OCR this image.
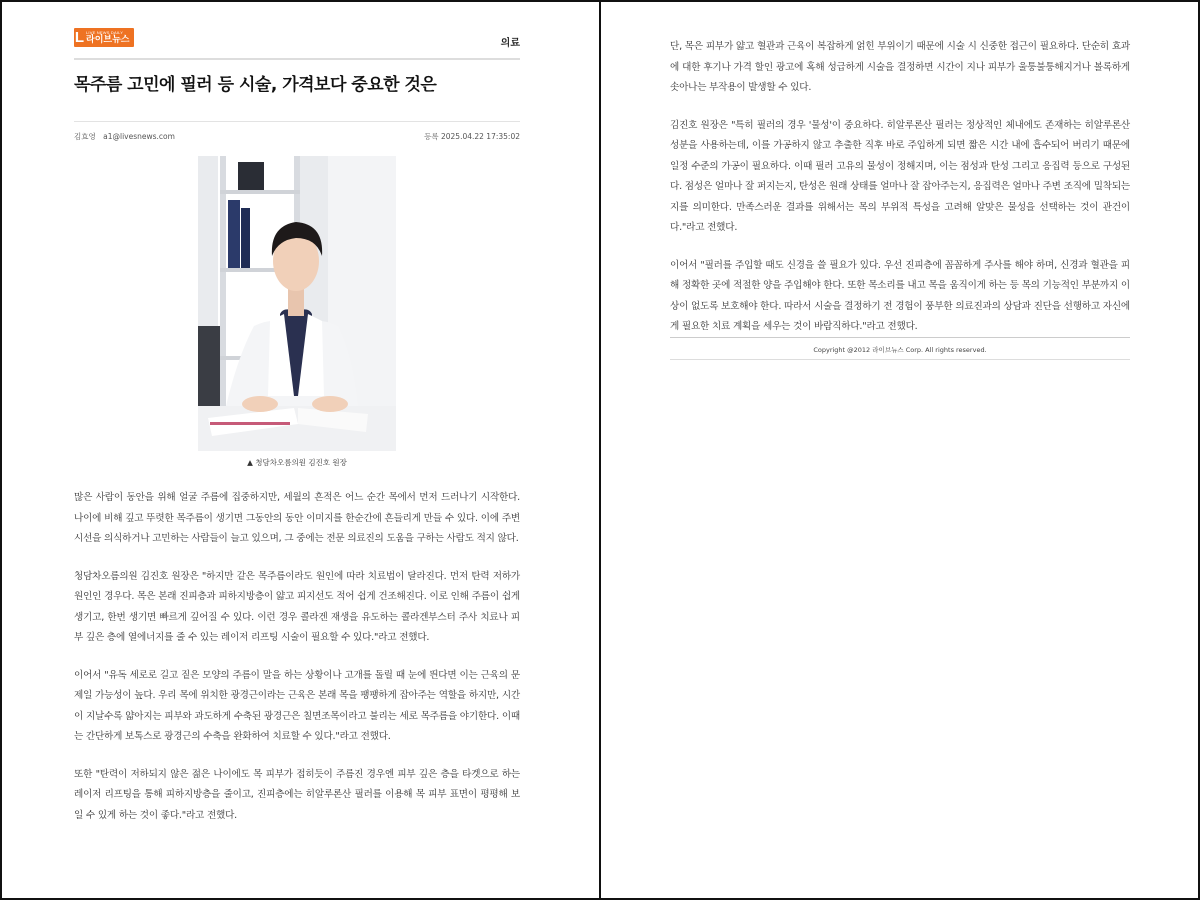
L LIVE NEWS DAILY
라이브뉴스	의료
목주름 고민에 필러 등 시술, 가격보다 중요한 것은
김효영 a1@livesnews.com	등록 2025.04.22 17:35:02
▲ 청담차오름의원 김진호 원장

많은 사람이 동안을 위해 얼굴 주름에 집중하지만, 세월의 흔적은 어느 순간 목에서 먼저 드러나기 시작한다. 나이에 비해 깊고 뚜렷한 목주름이 생기면 그동안의 동안 이미지를 한순간에 흔들리게 만들 수 있다. 이에 주변 시선을 의식하거나 고민하는 사람들이 늘고 있으며, 그 중에는 전문 의료진의 도움을 구하는 사람도 적지 않다.

청담차오름의원 김진호 원장은 "하지만 같은 목주름이라도 원인에 따라 치료법이 달라진다. 먼저 탄력 저하가 원인인 경우다. 목은 본래 진피층과 피하지방층이 얇고 피지선도 적어 쉽게 건조해진다. 이로 인해 주름이 쉽게 생기고, 한번 생기면 빠르게 깊어질 수 있다. 이런 경우 콜라겐 재생을 유도하는 콜라겐부스터 주사 치료나 피부 깊은 층에 열에너지를 줄 수 있는 레이저 리프팅 시술이 필요할 수 있다."라고 전했다.

이어서 "유독 세로로 길고 짙은 모양의 주름이 말을 하는 상황이나 고개를 돌릴 때 눈에 띈다면 이는 근육의 문제일 가능성이 높다. 우리 목에 위치한 광경근이라는 근육은 본래 목을 팽팽하게 잡아주는 역할을 하지만, 시간이 지날수록 얇아지는 피부와 과도하게 수축된 광경근은 칠면조목이라고 불리는 세로 목주름을 야기한다. 이때는 간단하게 보톡스로 광경근의 수축을 완화하여 치료할 수 있다."라고 전했다.

또한 "탄력이 저하되지 않은 젊은 나이에도 목 피부가 접히듯이 주름진 경우엔 피부 깊은 층을 타겟으로 하는 레이저 리프팅을 통해 피하지방층을 줄이고, 진피층에는 히알루론산 필러를 이용해 목 피부 표면이 평평해 보일 수 있게 하는 것이 좋다."라고 전했다.

단, 목은 피부가 얇고 혈관과 근육이 복잡하게 얽힌 부위이기 때문에 시술 시 신중한 접근이 필요하다. 단순히 효과에 대한 후기나 가격 할인 광고에 혹해 성급하게 시술을 결정하면 시간이 지나 피부가 울퉁불퉁해지거나 볼록하게 솟아나는 부작용이 발생할 수 있다.

김진호 원장은 "특히 필러의 경우 '물성'이 중요하다. 히알루론산 필러는 정상적인 체내에도 존재하는 히알루론산 성분을 사용하는데, 이를 가공하지 않고 추출한 직후 바로 주입하게 되면 짧은 시간 내에 흡수되어 버리기 때문에 일정 수준의 가공이 필요하다. 이때 필러 고유의 물성이 정해지며, 이는 점성과 탄성 그리고 응집력 등으로 구성된다. 점성은 얼마나 잘 퍼지는지, 탄성은 원래 상태를 얼마나 잘 잡아주는지, 응집력은 얼마나 주변 조직에 밀착되는지를 의미한다. 만족스러운 결과를 위해서는 목의 부위적 특성을 고려해 알맞은 물성을 선택하는 것이 관건이다."라고 전했다.

이어서 "필러를 주입할 때도 신경을 쓸 필요가 있다. 우선 진피층에 꼼꼼하게 주사를 해야 하며, 신경과 혈관을 피해 정확한 곳에 적절한 양을 주입해야 한다. 또한 목소리를 내고 목을 움직이게 하는 등 목의 기능적인 부분까지 이상이 없도록 보호해야 한다. 따라서 시술을 결정하기 전 경험이 풍부한 의료진과의 상담과 진단을 선행하고 자신에게 필요한 치료 계획을 세우는 것이 바람직하다."라고 전했다.

Copyright @2012 라이브뉴스 Corp. All rights reserved.
